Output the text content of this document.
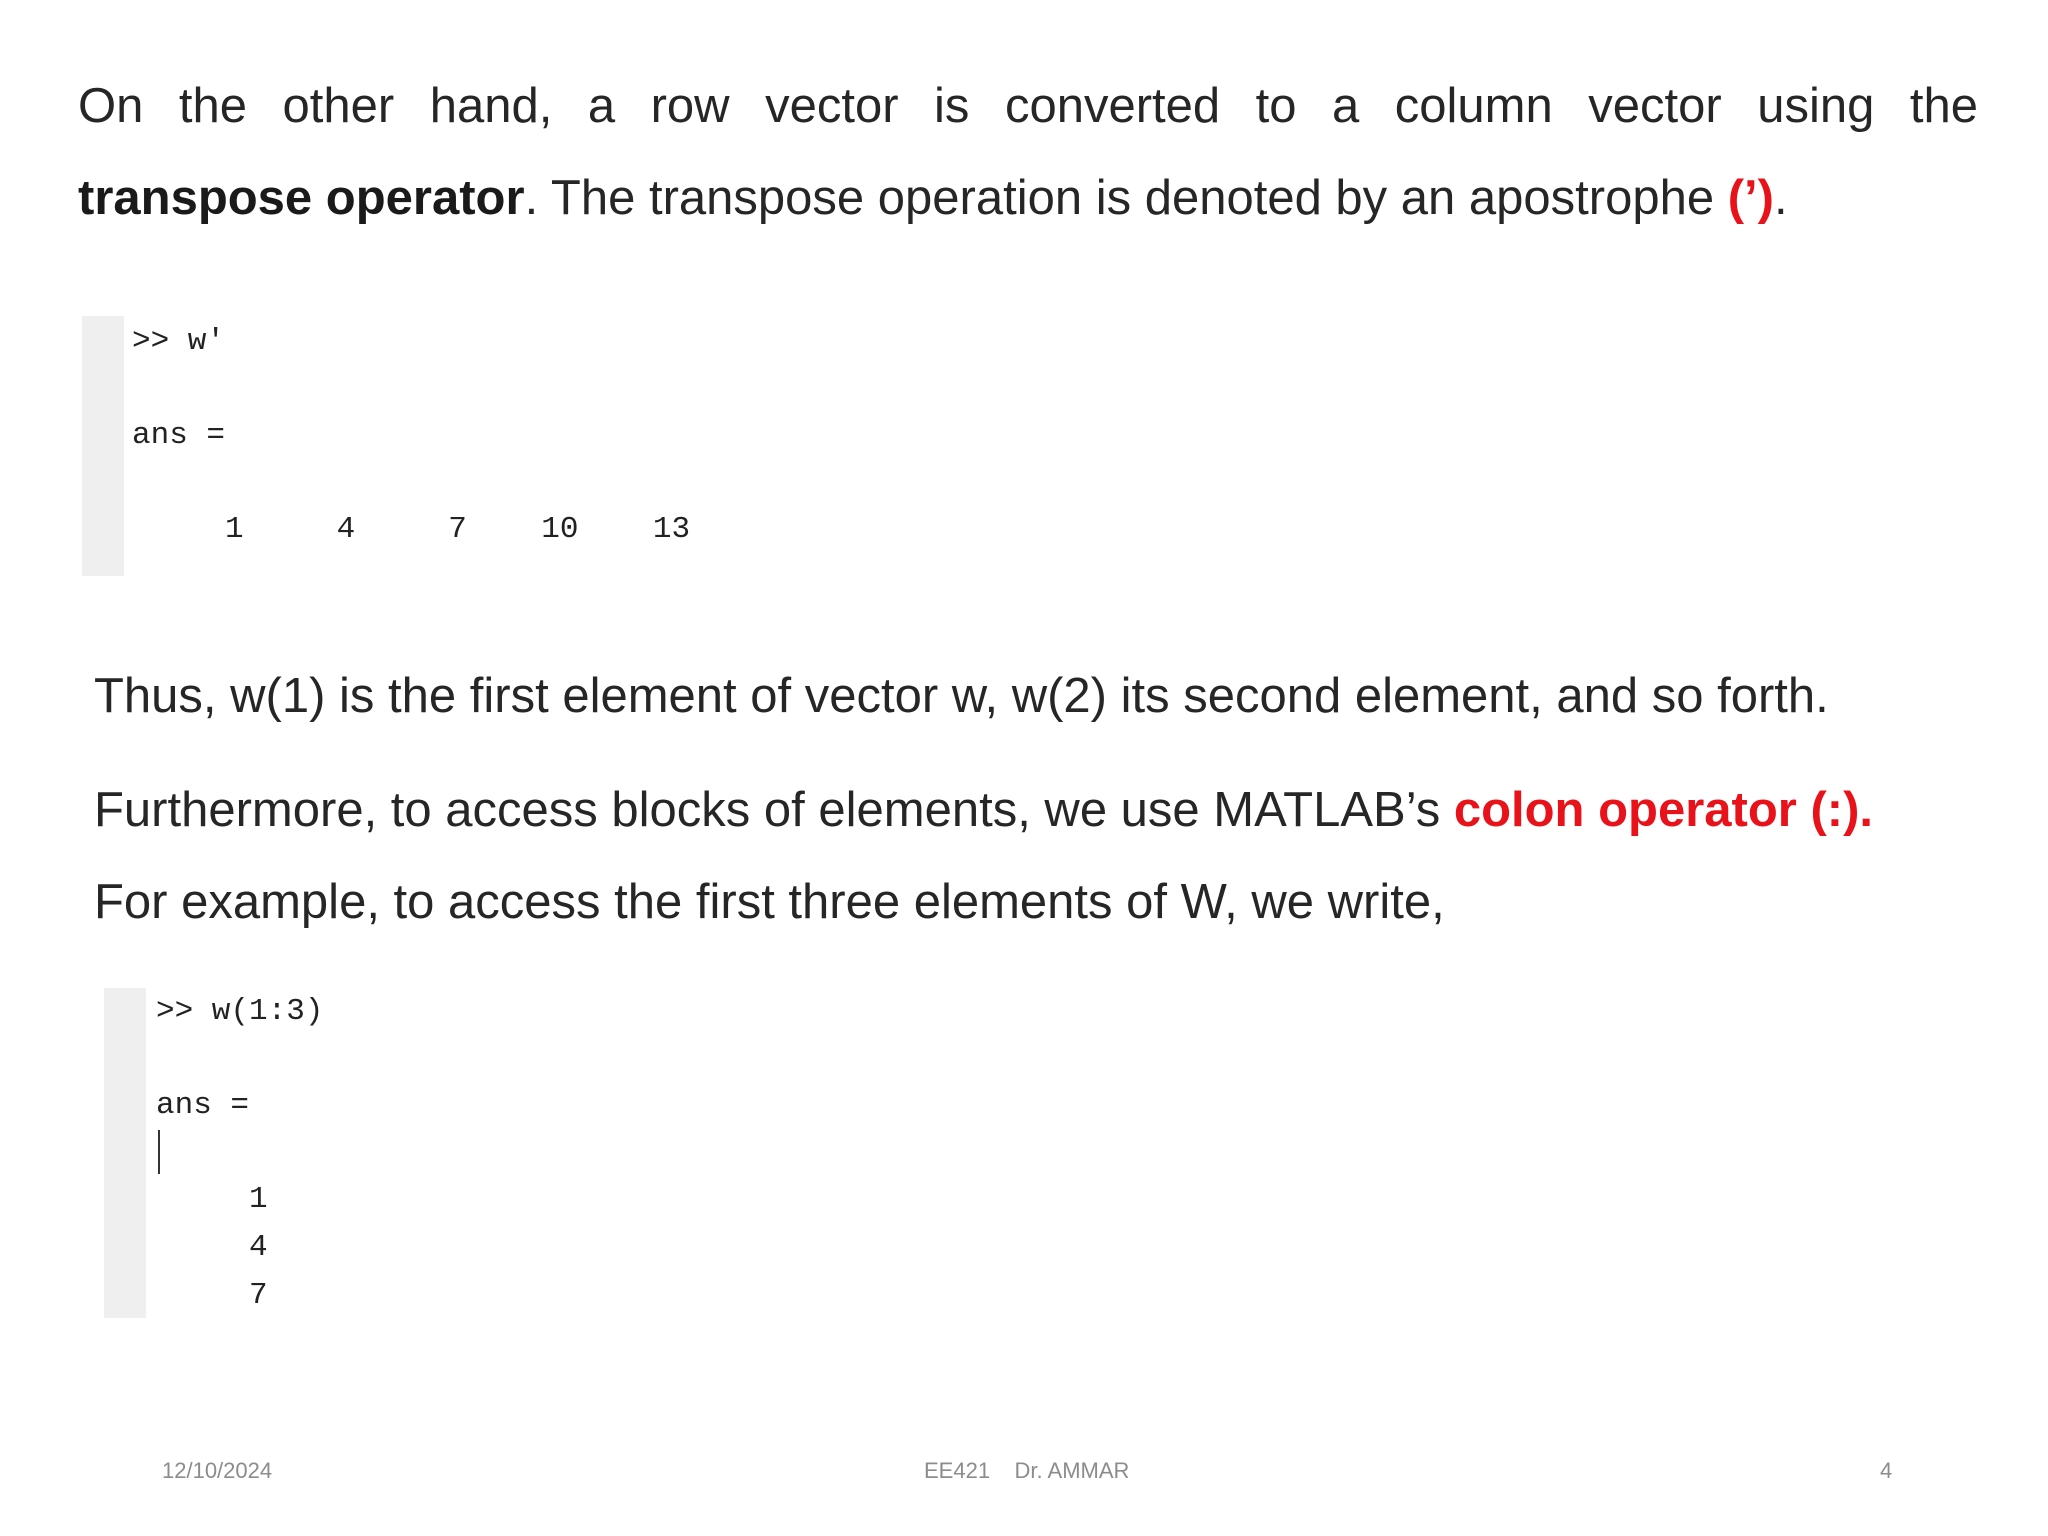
On the other hand, a row vector is converted to a column vector using the
transpose operator. The transpose operation is denoted by an apostrophe (’).

>> w'
ans =
1     4     7    10    13

Thus, w(1) is the first element of vector w, w(2) its second element, and so forth.

Furthermore, to access blocks of elements, we use MATLAB’s colon operator (:).
For example, to access the first three elements of W, we write,

>> w(1:3)
ans =
1
4
7
12/10/2024	EE421    Dr. AMMAR	4
